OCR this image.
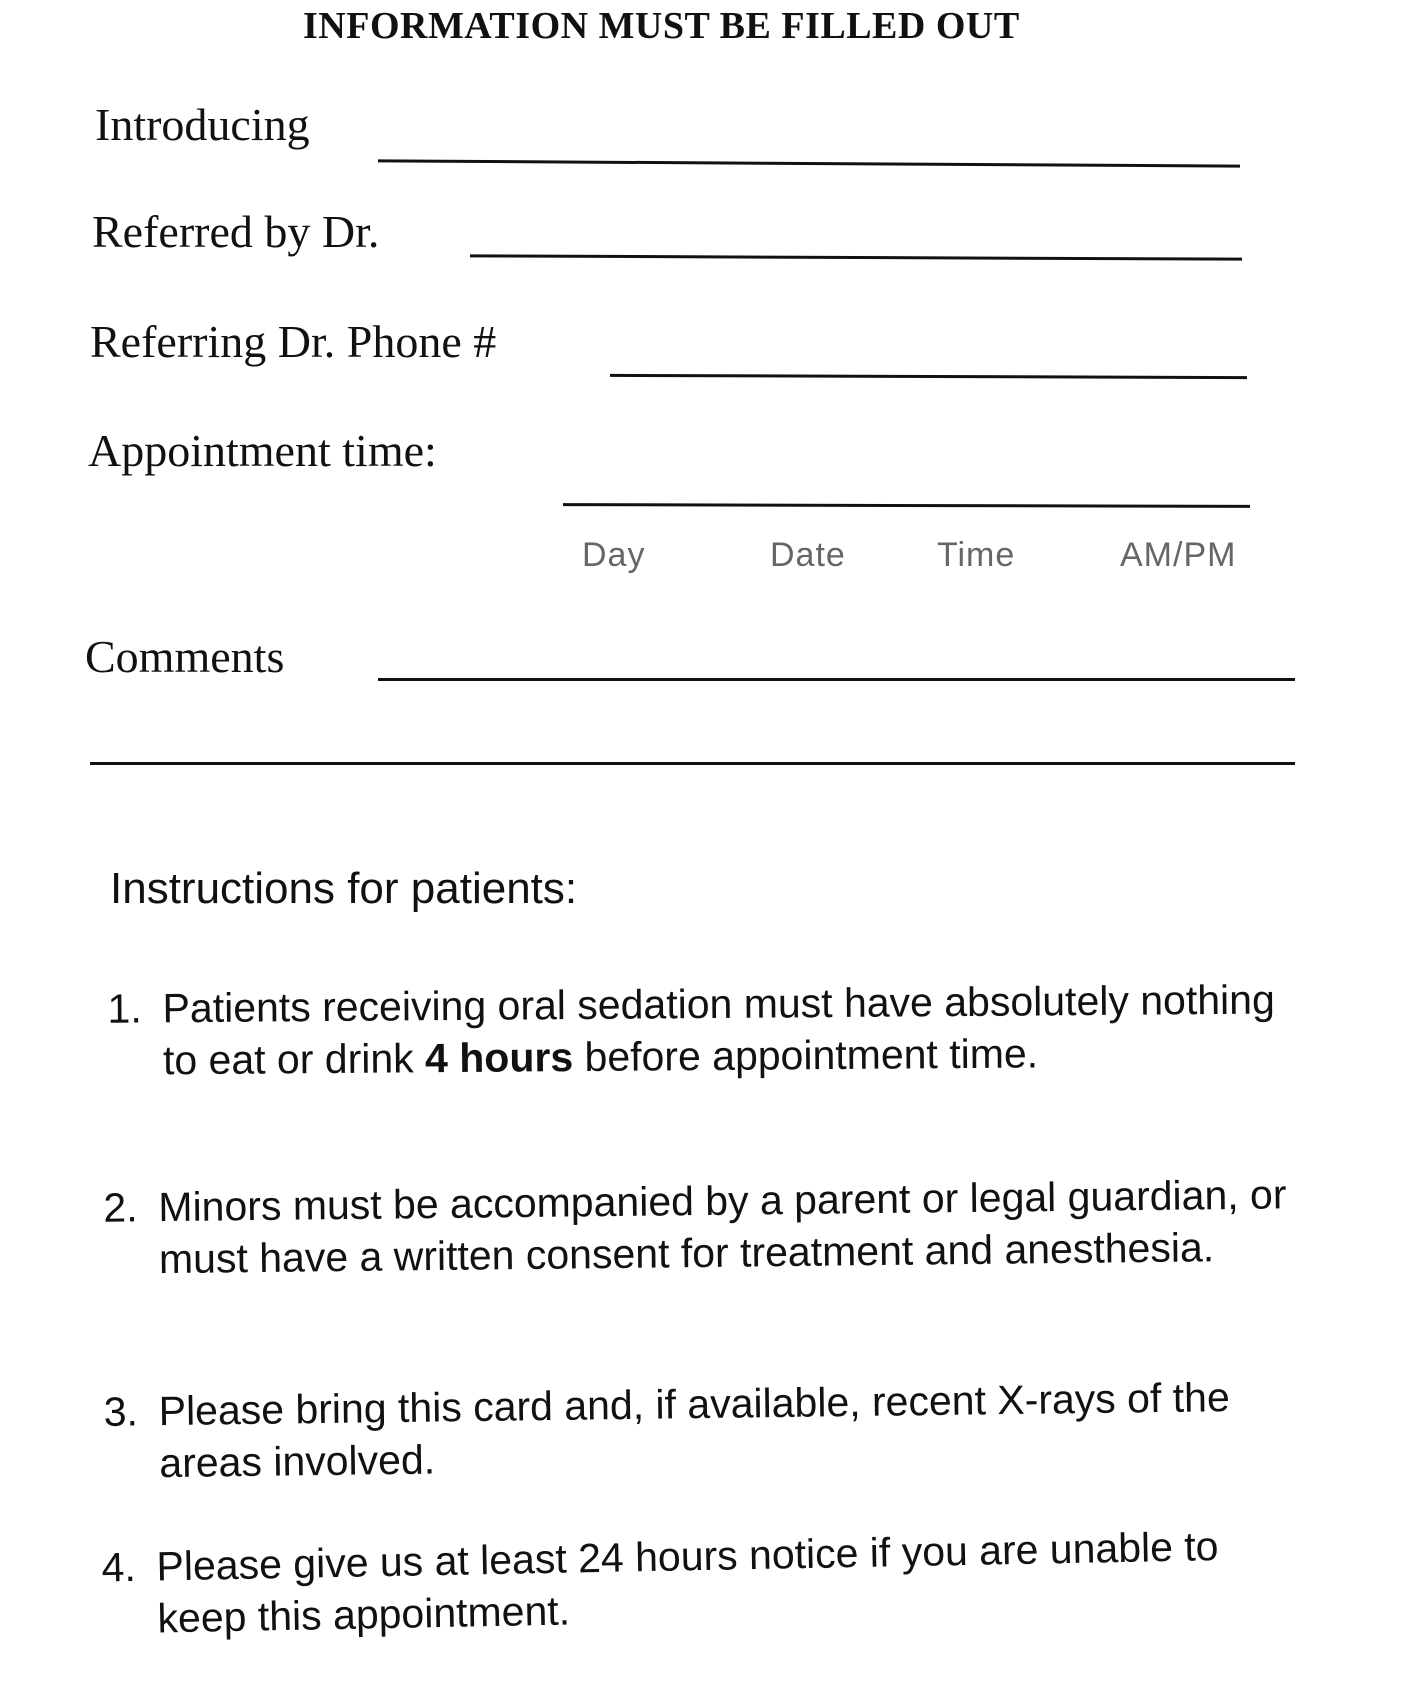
INFORMATION MUST BE FILLED OUT
Introducing
Referred by Dr.
Referring Dr. Phone #
Appointment time:
Day	Date	Time	AM/PM
Comments
Instructions for patients:
1. Patients receiving oral sedation must have absolutely nothing to eat or drink 4 hours before appointment time.
2. Minors must be accompanied by a parent or legal guardian, or must have a written consent for treatment and anesthesia.
3. Please bring this card and, if available, recent X-rays of the areas involved.
4. Please give us at least 24 hours notice if you are unable to keep this appointment.
